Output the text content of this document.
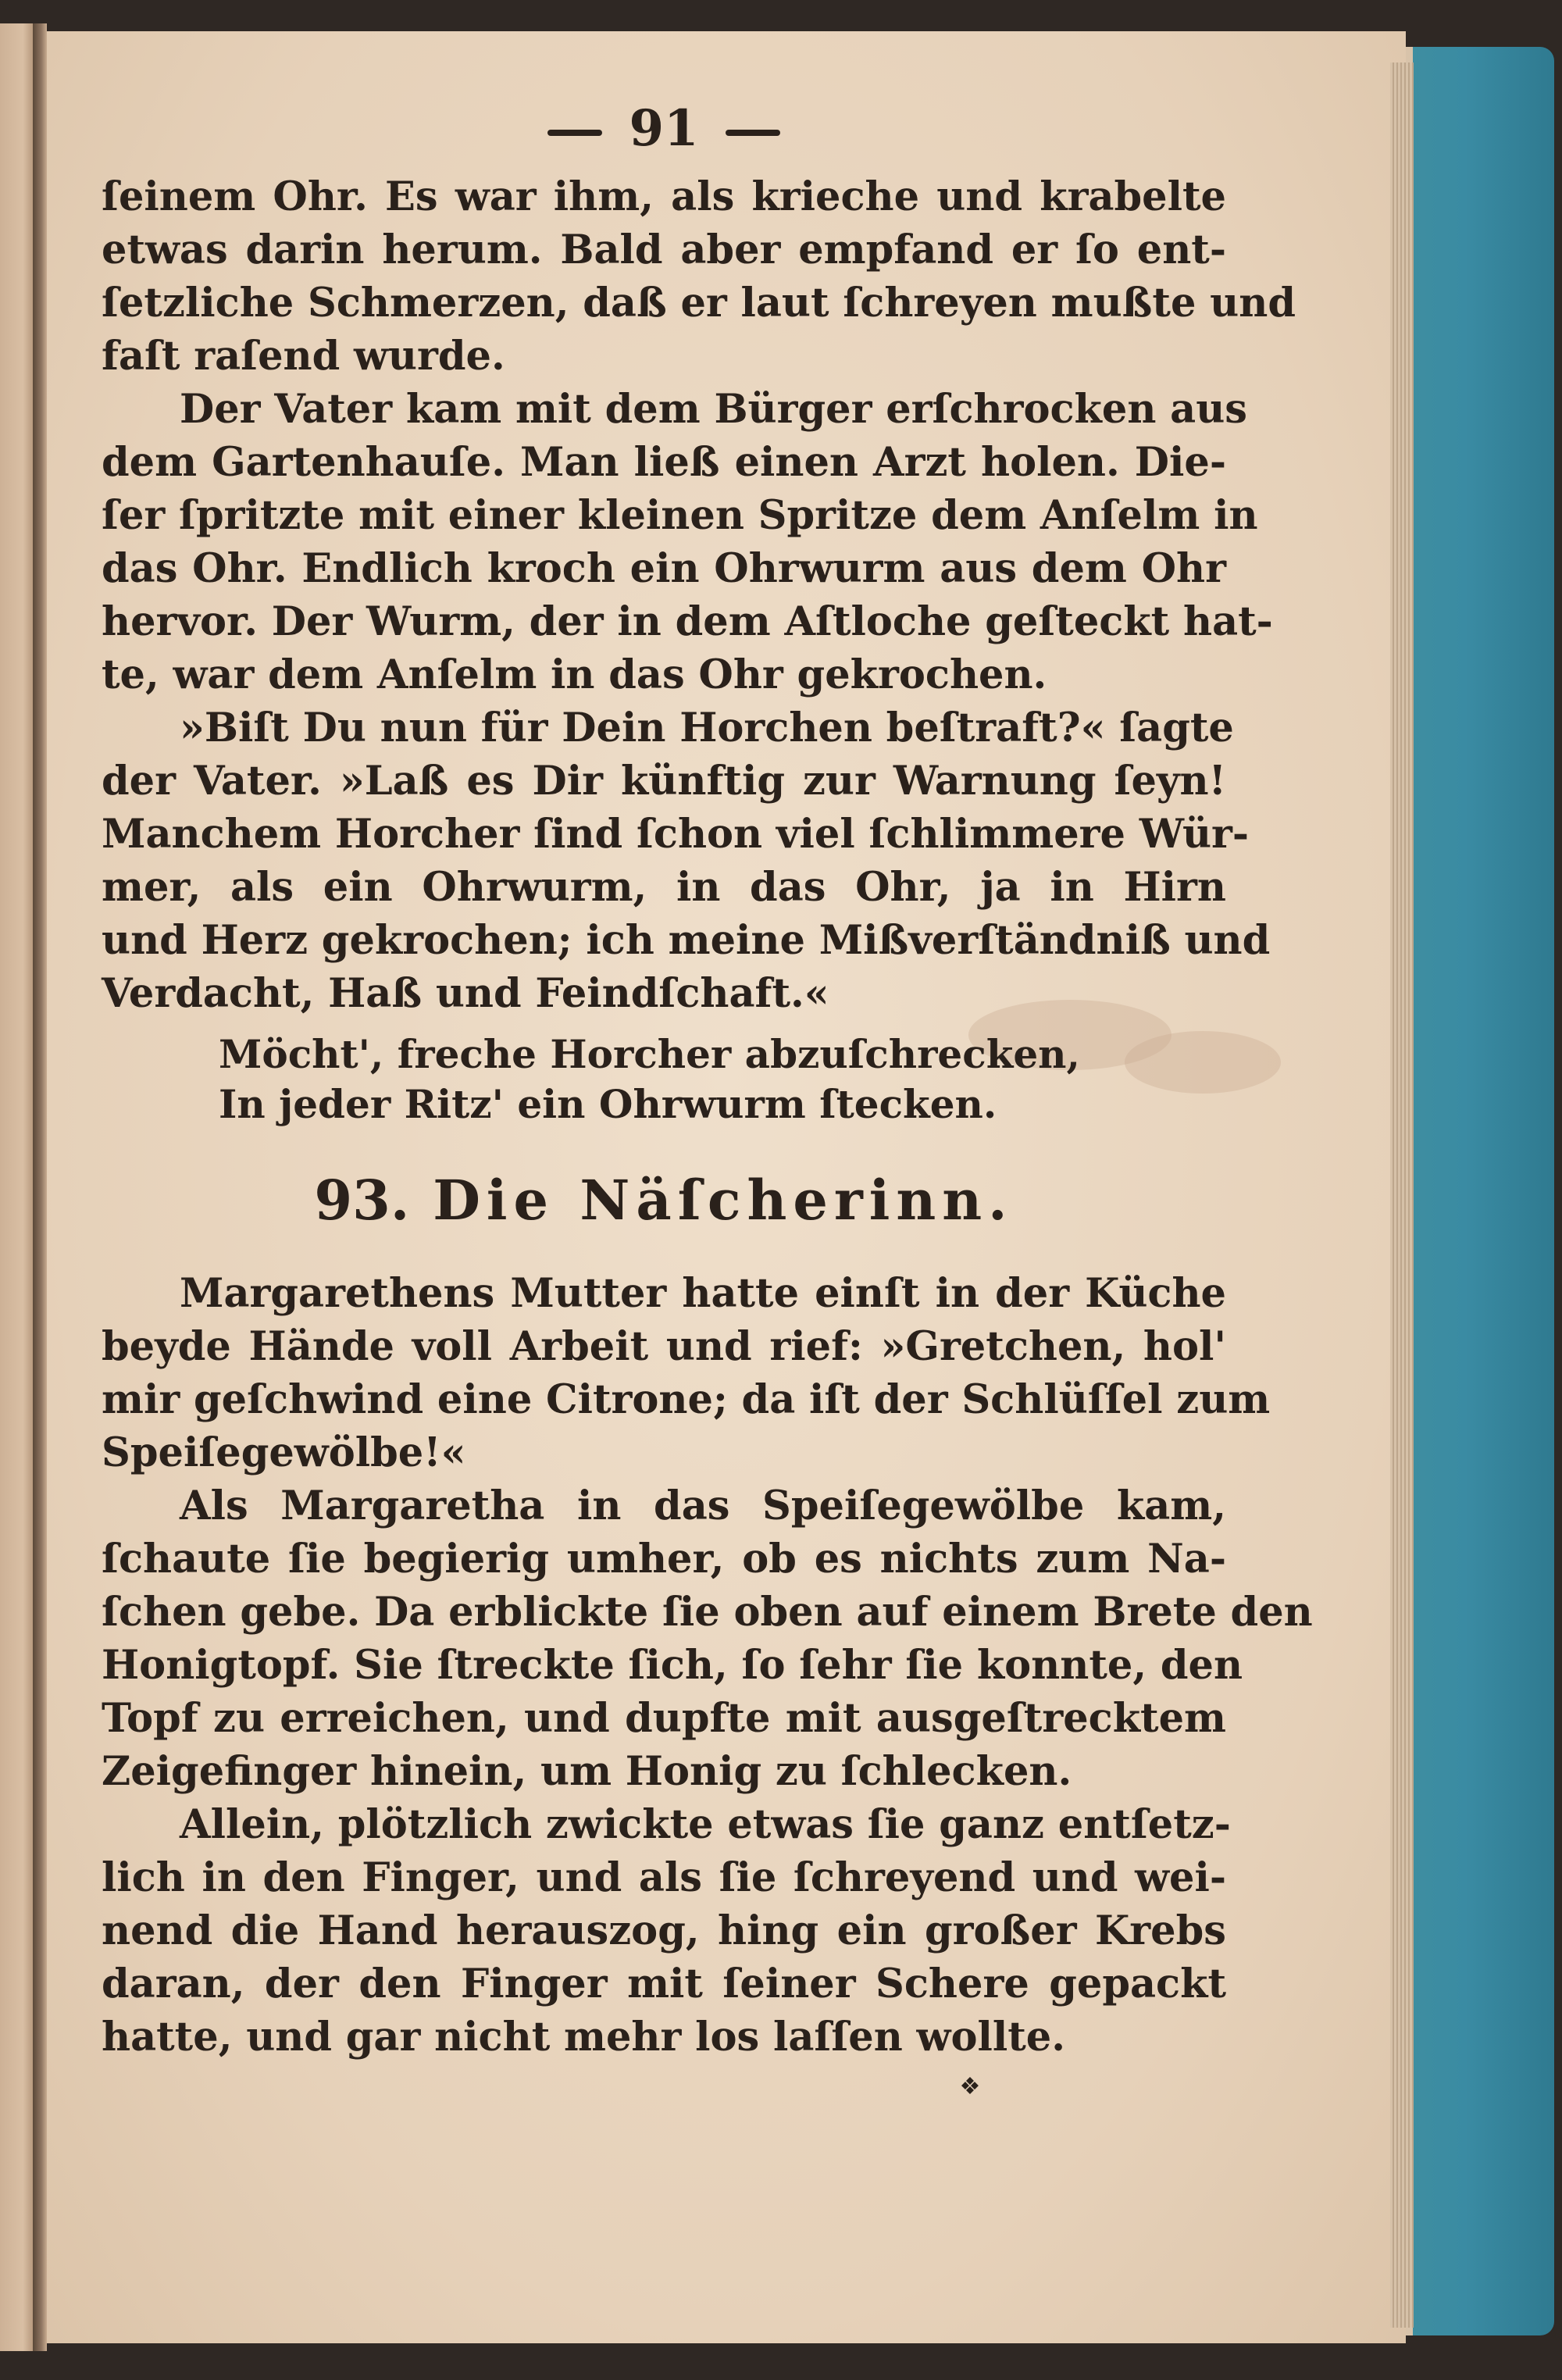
91
ſeinem Ohr. Es war ihm, als krieche und krabelte
etwas darin herum. Bald aber empfand er ſo ent-
ſetzliche Schmerzen, daß er laut ſchreyen mußte und
faſt raſend wurde.
Der Vater kam mit dem Bürger erſchrocken aus
dem Gartenhauſe. Man ließ einen Arzt holen. Die-
ſer ſpritzte mit einer kleinen Spritze dem Anſelm in
das Ohr. Endlich kroch ein Ohrwurm aus dem Ohr
hervor. Der Wurm, der in dem Aſtloche geſteckt hat-
te, war dem Anſelm in das Ohr gekrochen.
»Biſt Du nun für Dein Horchen beſtraft?« ſagte
der Vater. »Laß es Dir künftig zur Warnung ſeyn!
Manchem Horcher ſind ſchon viel ſchlimmere Wür-
mer, als ein Ohrwurm, in das Ohr, ja in Hirn
und Herz gekrochen; ich meine Mißverſtändniß und
Verdacht, Haß und Feindſchaft.«
Möcht', freche Horcher abzuſchrecken,
In jeder Ritz' ein Ohrwurm ſtecken.
93. Die Näſcherinn.
Margarethens Mutter hatte einſt in der Küche
beyde Hände voll Arbeit und rief: »Gretchen, hol'
mir geſchwind eine Citrone; da iſt der Schlüſſel zum
Speiſegewölbe!«
Als Margaretha in das Speiſegewölbe kam,
ſchaute ſie begierig umher, ob es nichts zum Na-
ſchen gebe. Da erblickte ſie oben auf einem Brete den
Honigtopf. Sie ſtreckte ſich, ſo ſehr ſie konnte, den
Topf zu erreichen, und dupfte mit ausgeſtrecktem
Zeigefinger hinein, um Honig zu ſchlecken.
Allein, plötzlich zwickte etwas ſie ganz entſetz-
lich in den Finger, und als ſie ſchreyend und wei-
nend die Hand herauszog, hing ein großer Krebs
daran, der den Finger mit ſeiner Schere gepackt
hatte, und gar nicht mehr los laſſen wollte.
❖
